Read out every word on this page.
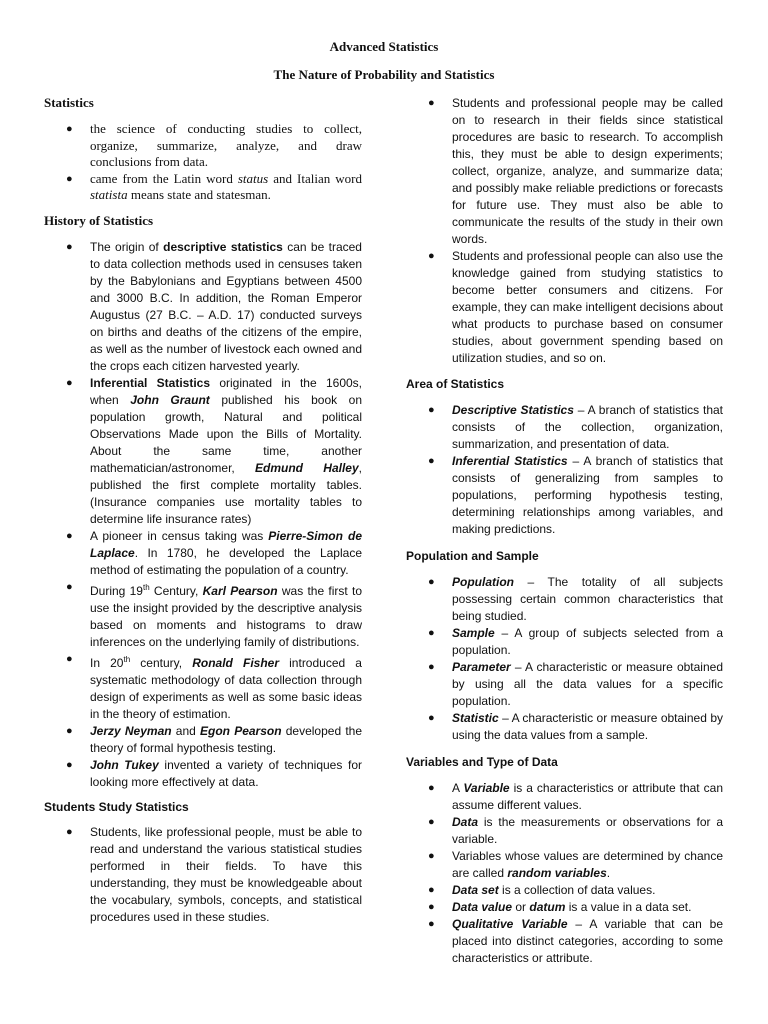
Advanced Statistics
The Nature of Probability and Statistics

Statistics

● the science of conducting studies to collect, organize, summarize, analyze, and draw conclusions from data.
● came from the Latin word status and Italian word statista means state and statesman.

History of Statistics

● The origin of descriptive statistics can be traced to data collection methods used in censuses taken by the Babylonians and Egyptians between 4500 and 3000 B.C. In addition, the Roman Emperor Augustus (27 B.C. – A.D. 17) conducted surveys on births and deaths of the citizens of the empire, as well as the number of livestock each owned and the crops each citizen harvested yearly.
● Inferential Statistics originated in the 1600s, when John Graunt published his book on population growth, Natural and political Observations Made upon the Bills of Mortality. About the same time, another mathematician/astronomer, Edmund Halley, published the first complete mortality tables. (Insurance companies use mortality tables to determine life insurance rates)
● A pioneer in census taking was Pierre-Simon de Laplace. In 1780, he developed the Laplace method of estimating the population of a country.
● During 19th Century, Karl Pearson was the first to use the insight provided by the descriptive analysis based on moments and histograms to draw inferences on the underlying family of distributions.
● In 20th century, Ronald Fisher introduced a systematic methodology of data collection through design of experiments as well as some basic ideas in the theory of estimation.
● Jerzy Neyman and Egon Pearson developed the theory of formal hypothesis testing.
● John Tukey invented a variety of techniques for looking more effectively at data.

Students Study Statistics

● Students, like professional people, must be able to read and understand the various statistical studies performed in their fields. To have this understanding, they must be knowledgeable about the vocabulary, symbols, concepts, and statistical procedures used in these studies.
● Students and professional people may be called on to research in their fields since statistical procedures are basic to research. To accomplish this, they must be able to design experiments; collect, organize, analyze, and summarize data; and possibly make reliable predictions or forecasts for future use. They must also be able to communicate the results of the study in their own words.
● Students and professional people can also use the knowledge gained from studying statistics to become better consumers and citizens. For example, they can make intelligent decisions about what products to purchase based on consumer studies, about government spending based on utilization studies, and so on.

Area of Statistics

● Descriptive Statistics – A branch of statistics that consists of the collection, organization, summarization, and presentation of data.
● Inferential Statistics – A branch of statistics that consists of generalizing from samples to populations, performing hypothesis testing, determining relationships among variables, and making predictions.

Population and Sample

● Population – The totality of all subjects possessing certain common characteristics that being studied.
● Sample – A group of subjects selected from a population.
● Parameter – A characteristic or measure obtained by using all the data values for a specific population.
● Statistic – A characteristic or measure obtained by using the data values from a sample.

Variables and Type of Data

● A Variable is a characteristics or attribute that can assume different values.
● Data is the measurements or observations for a variable.
● Variables whose values are determined by chance are called random variables.
● Data set is a collection of data values.
● Data value or datum is a value in a data set.
● Qualitative Variable – A variable that can be placed into distinct categories, according to some characteristics or attribute.
